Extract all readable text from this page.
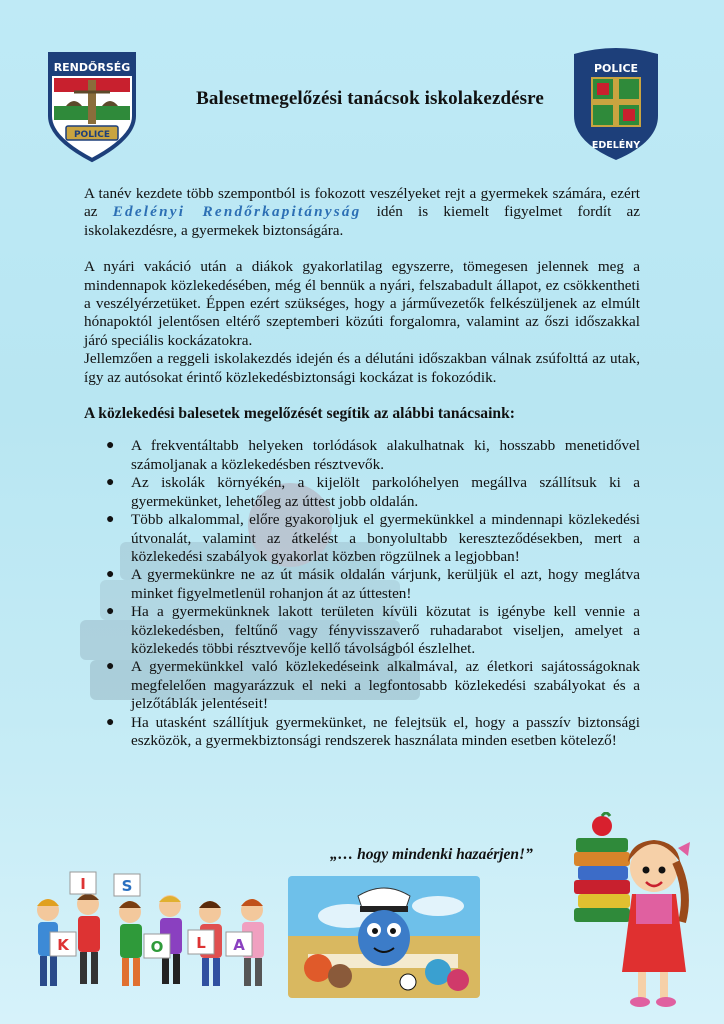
RENDŐRSÉG
POLICE
Balesetmegelőzési tanácsok iskolakezdésre
POLICE
EDELÉNY

A tanév kezdete több szempontból is fokozott veszélyeket rejt a gyermekek számára, ezért az Edelényi Rendőrkapitányság idén is kiemelt figyelmet fordít az iskolakezdésre, a gyermekek biztonságára.

A nyári vakáció után a diákok gyakorlatilag egyszerre, tömegesen jelennek meg a mindennapok közlekedésében, még él bennük a nyári, felszabadult állapot, ez csökkentheti a veszélyérzetüket. Éppen ezért szükséges, hogy a járművezetők felkészüljenek az elmúlt hónapoktól jelentősen eltérő szeptemberi közúti forgalomra, valamint az őszi időszakkal járó speciális kockázatokra.

Jellemzően a reggeli iskolakezdés idején és a délutáni időszakban válnak zsúfolttá az utak, így az autósokat érintő közlekedésbiztonsági kockázat is fokozódik.

A közlekedési balesetek megelőzését segítik az alábbi tanácsaink:

● A frekventáltabb helyeken torlódások alakulhatnak ki, hosszabb menetidővel számoljanak a közlekedésben résztvevők.
● Az iskolák környékén, a kijelölt parkolóhelyen megállva szállítsuk ki a gyermekünket, lehetőleg az úttest jobb oldalán.
● Több alkalommal, előre gyakoroljuk el gyermekünkkel a mindennapi közlekedési útvonalát, valamint az átkelést a bonyolultabb kereszteződésekben, mert a közlekedési szabályok gyakorlat közben rögzülnek a legjobban!
● A gyermekünkre ne az út másik oldalán várjunk, kerüljük el azt, hogy meglátva minket figyelmetlenül rohanjon át az úttesten!
● Ha a gyermekünknek lakott területen kívüli közutat is igénybe kell vennie a közlekedésben, feltűnő vagy fényvisszaverő ruhadarabot viseljen, amelyet a közlekedés többi résztvevője kellő távolságból észlelhet.
● A gyermekünkkel való közlekedéseink alkalmával, az életkori sajátosságoknak megfelelően magyarázzuk el neki a legfontosabb közlekedési szabályokat és a jelzőtáblák jelentéseit!
● Ha utasként szállítjuk gyermekünket, ne felejtsük el, hogy a passzív biztonsági eszközök, a gyermekbiztonsági rendszerek használata minden esetben kötelező!
„… hogy mindenki hazaérjen!”
I S
K	O L A
